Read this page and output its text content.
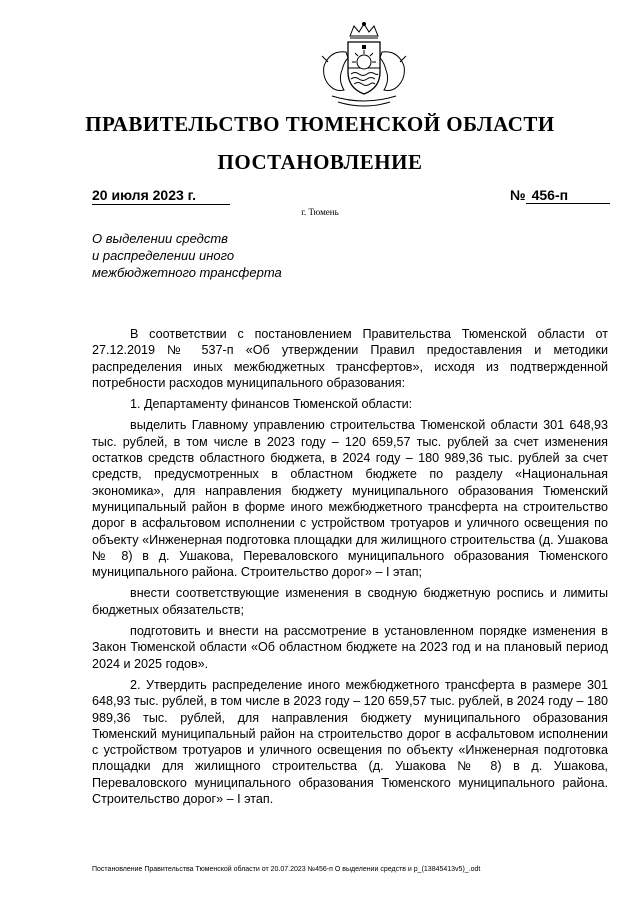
ПРАВИТЕЛЬСТВО ТЮМЕНСКОЙ ОБЛАСТИ
ПОСТАНОВЛЕНИЕ
20 июля 2023 г.	№ 456-п
г. Тюмень
О выделении средств
и распределении иного
межбюджетного трансферта

В соответствии с постановлением Правительства Тюменской области от 27.12.2019 № 537-п «Об утверждении Правил предоставления и методики распределения иных межбюджетных трансфертов», исходя из подтвержденной потребности расходов муниципального образования:

1. Департаменту финансов Тюменской области:

выделить Главному управлению строительства Тюменской области 301 648,93 тыс. рублей, в том числе в 2023 году – 120 659,57 тыс. рублей за счет изменения остатков средств областного бюджета, в 2024 году – 180 989,36 тыс. рублей за счет средств, предусмотренных в областном бюджете по разделу «Национальная экономика», для направления бюджету муниципального образования Тюменский муниципальный район в форме иного межбюджетного трансферта на строительство дорог в асфальтовом исполнении с устройством тротуаров и уличного освещения по объекту «Инженерная подготовка площадки для жилищного строительства (д. Ушакова № 8) в д. Ушакова, Переваловского муниципального образования Тюменского муниципального района. Строительство дорог» – I этап;

внести соответствующие изменения в сводную бюджетную роспись и лимиты бюджетных обязательств;

подготовить и внести на рассмотрение в установленном порядке изменения в Закон Тюменской области «Об областном бюджете на 2023 год и на плановый период 2024 и 2025 годов».

2. Утвердить распределение иного межбюджетного трансферта в размере 301 648,93 тыс. рублей, в том числе в 2023 году – 120 659,57 тыс. рублей, в 2024 году – 180 989,36 тыс. рублей, для направления бюджету муниципального образования Тюменский муниципальный район на строительство дорог в асфальтовом исполнении с устройством тротуаров и уличного освещения по объекту «Инженерная подготовка площадки для жилищного строительства (д. Ушакова № 8) в д. Ушакова, Переваловского муниципального образования Тюменского муниципального района. Строительство дорог» – I этап.

Постановление Правительства Тюменской области от 20.07.2023 №456-п О выделении средств и р_(13845413v5)_.odt
